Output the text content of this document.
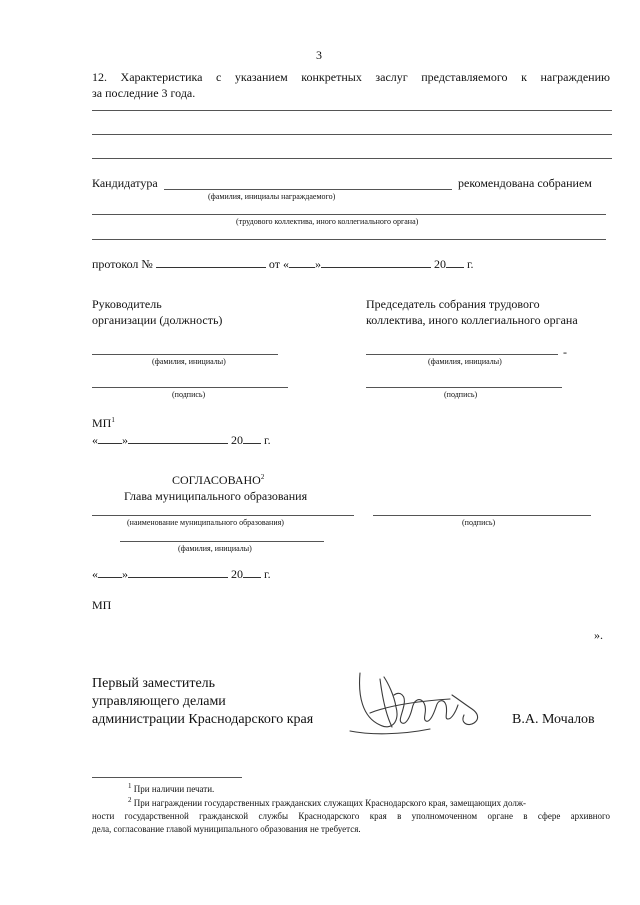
3
12. Характеристика с указанием конкретных заслуг представляемого к награждению
за последние 3 года.
Кандидатура	рекомендована собранием
(фамилия, инициалы награждаемого)
(трудового коллектива, иного коллегиального органа)
протокол №	от « »	20 г.
Руководитель
организации (должность)
(фамилия, инициалы)
(подпись)
Председатель собрания трудового
коллектива, иного коллегиального органа
-
(фамилия, инициалы)
(подпись)
$МП^1$
« »	20 г.
СОГЛАСОВАНО$^2$
Глава муниципального образования
(наименование муниципального образования)	(подпись)
(фамилия, инициалы)
« »	20 г.
МП
».
Первый заместитель
управляющего делами
администрации Краснодарского края	В.А. Мочалов
$^1$ При наличии печати.
$^2$ При награждении государственных гражданских служащих Краснодарского края, замещающих долж-
ности государственной гражданской службы Краснодарского края в уполномоченном органе в сфере архивного
дела, согласование главой муниципального образования не требуется.
